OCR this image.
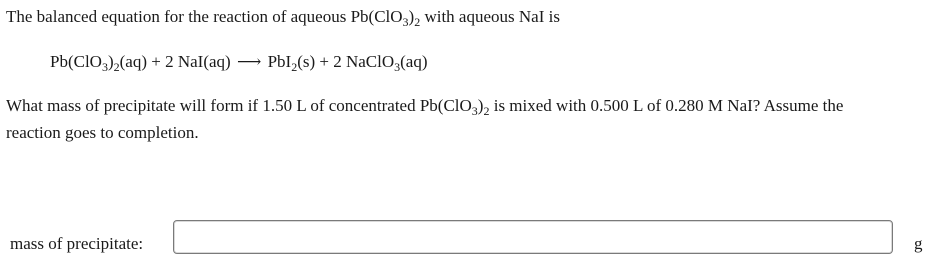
The balanced equation for the reaction of aqueous $Pb(ClO_3)_2$ with aqueous NaI is
$Pb(ClO_3)_2(aq) + 2$ NaI(aq) ⟶ PbI$_2$(s) + 2 NaClO$_3$(aq)
What mass of precipitate will form if 1.50 L of concentrated $Pb(ClO_3)_2$ is mixed with 0.500 L of 0.280 M NaI? Assume the
reaction goes to completion.
mass of precipitate:	g
